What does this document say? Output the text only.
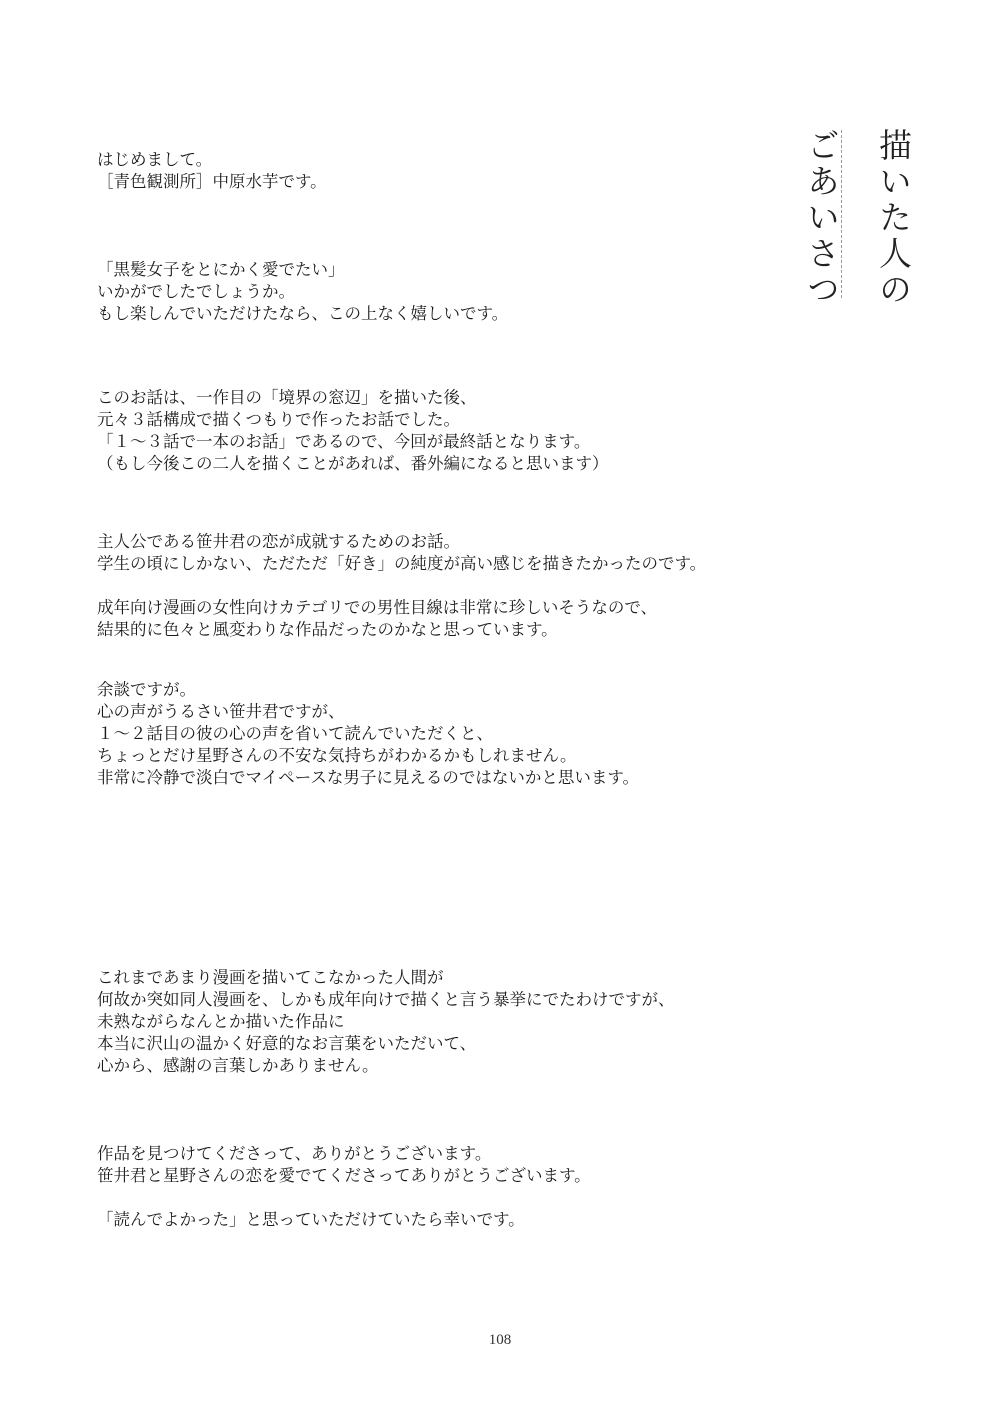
描いた人の
ごあいさつ

はじめまして。
［青色観測所］中原水芋です。

「黒髪女子をとにかく愛でたい」
いかがでしたでしょうか。
もし楽しんでいただけたなら、この上なく嬉しいです。

このお話は、一作目の「境界の窓辺」を描いた後、
元々３話構成で描くつもりで作ったお話でした。
「１～３話で一本のお話」であるので、今回が最終話となります。
（もし今後この二人を描くことがあれば、番外編になると思います）

主人公である笹井君の恋が成就するためのお話。
学生の頃にしかない、ただただ「好き」の純度が高い感じを描きたかったのです。

成年向け漫画の女性向けカテゴリでの男性目線は非常に珍しいそうなので、
結果的に色々と風変わりな作品だったのかなと思っています。

余談ですが。
心の声がうるさい笹井君ですが、
１～２話目の彼の心の声を省いて読んでいただくと、
ちょっとだけ星野さんの不安な気持ちがわかるかもしれません。
非常に冷静で淡白でマイペースな男子に見えるのではないかと思います。

これまであまり漫画を描いてこなかった人間が
何故か突如同人漫画を、しかも成年向けで描くと言う暴挙にでたわけですが、
未熟ながらなんとか描いた作品に
本当に沢山の温かく好意的なお言葉をいただいて、
心から、感謝の言葉しかありません。

作品を見つけてくださって、ありがとうございます。
笹井君と星野さんの恋を愛でてくださってありがとうございます。

「読んでよかった」と思っていただけていたら幸いです。

108
